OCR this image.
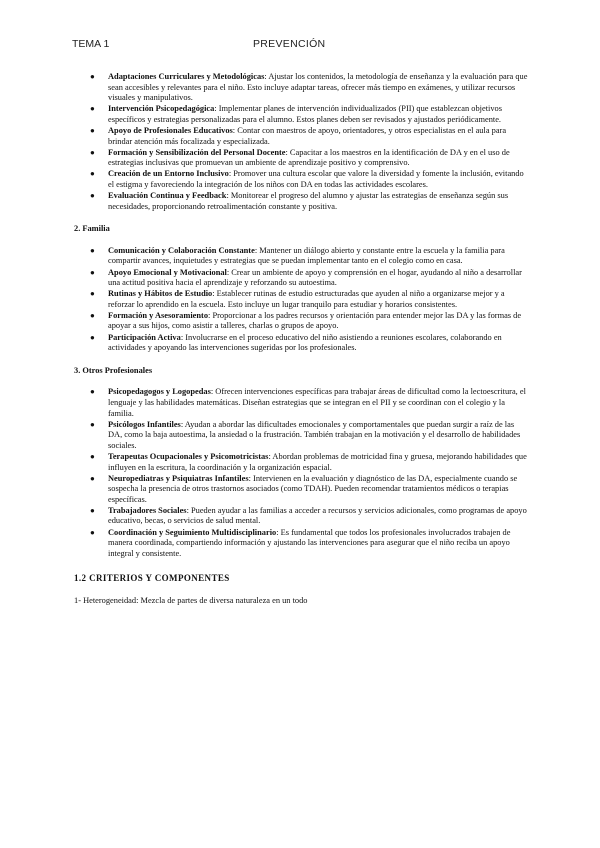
TEMA 1	PREVENCIÓN
● Adaptaciones Curriculares y Metodológicas: Ajustar los contenidos, la metodología de enseñanza y la evaluación para que sean accesibles y relevantes para el niño. Esto incluye adaptar tareas, ofrecer más tiempo en exámenes, y utilizar recursos visuales y manipulativos.
● Intervención Psicopedagógica: Implementar planes de intervención individualizados (PII) que establezcan objetivos específicos y estrategias personalizadas para el alumno. Estos planes deben ser revisados y ajustados periódicamente.
● Apoyo de Profesionales Educativos: Contar con maestros de apoyo, orientadores, y otros especialistas en el aula para brindar atención más focalizada y especializada.
● Formación y Sensibilización del Personal Docente: Capacitar a los maestros en la identificación de DA y en el uso de estrategias inclusivas que promuevan un ambiente de aprendizaje positivo y comprensivo.
● Creación de un Entorno Inclusivo: Promover una cultura escolar que valore la diversidad y fomente la inclusión, evitando el estigma y favoreciendo la integración de los niños con DA en todas las actividades escolares.
● Evaluación Continua y Feedback: Monitorear el progreso del alumno y ajustar las estrategias de enseñanza según sus necesidades, proporcionando retroalimentación constante y positiva.
2. Familia
● Comunicación y Colaboración Constante: Mantener un diálogo abierto y constante entre la escuela y la familia para compartir avances, inquietudes y estrategias que se puedan implementar tanto en el colegio como en casa.
● Apoyo Emocional y Motivacional: Crear un ambiente de apoyo y comprensión en el hogar, ayudando al niño a desarrollar una actitud positiva hacia el aprendizaje y reforzando su autoestima.
● Rutinas y Hábitos de Estudio: Establecer rutinas de estudio estructuradas que ayuden al niño a organizarse mejor y a reforzar lo aprendido en la escuela. Esto incluye un lugar tranquilo para estudiar y horarios consistentes.
● Formación y Asesoramiento: Proporcionar a los padres recursos y orientación para entender mejor las DA y las formas de apoyar a sus hijos, como asistir a talleres, charlas o grupos de apoyo.
● Participación Activa: Involucrarse en el proceso educativo del niño asistiendo a reuniones escolares, colaborando en actividades y apoyando las intervenciones sugeridas por los profesionales.
3. Otros Profesionales
● Psicopedagogos y Logopedas: Ofrecen intervenciones específicas para trabajar áreas de dificultad como la lectoescritura, el lenguaje y las habilidades matemáticas. Diseñan estrategias que se integran en el PII y se coordinan con el colegio y la familia.
● Psicólogos Infantiles: Ayudan a abordar las dificultades emocionales y comportamentales que puedan surgir a raíz de las DA, como la baja autoestima, la ansiedad o la frustración. También trabajan en la motivación y el desarrollo de habilidades sociales.
● Terapeutas Ocupacionales y Psicomotricistas: Abordan problemas de motricidad fina y gruesa, mejorando habilidades que influyen en la escritura, la coordinación y la organización espacial.
● Neuropediatras y Psiquiatras Infantiles: Intervienen en la evaluación y diagnóstico de las DA, especialmente cuando se sospecha la presencia de otros trastornos asociados (como TDAH). Pueden recomendar tratamientos médicos o terapias específicas.
● Trabajadores Sociales: Pueden ayudar a las familias a acceder a recursos y servicios adicionales, como programas de apoyo educativo, becas, o servicios de salud mental.
● Coordinación y Seguimiento Multidisciplinario: Es fundamental que todos los profesionales involucrados trabajen de manera coordinada, compartiendo información y ajustando las intervenciones para asegurar que el niño reciba un apoyo integral y consistente.
1.2 CRITERIOS Y COMPONENTES
1- Heterogeneidad: Mezcla de partes de diversa naturaleza en un todo
